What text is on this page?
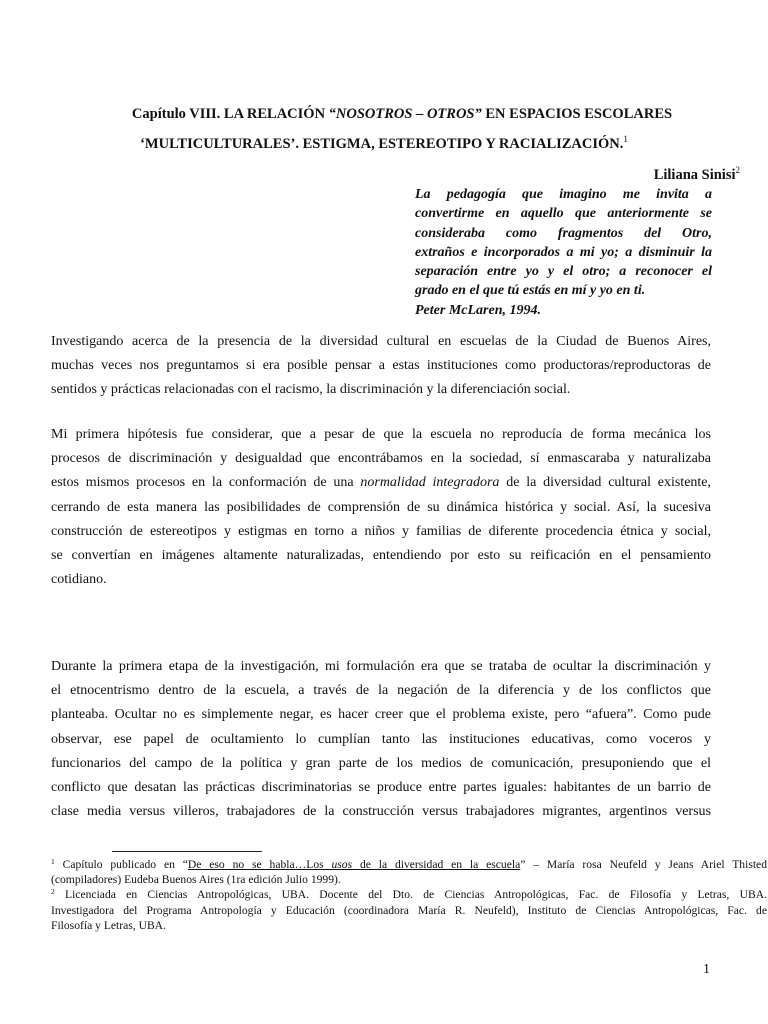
Capítulo VIII. LA RELACIÓN “NOSOTROS – OTROS” EN ESPACIOS ESCOLARES
‘MULTICULTURALES’. ESTIGMA, ESTEREOTIPO Y RACIALIZACIÓN.$^1$
Liliana Sinisi$^2$
La pedagogía que imagino me invita a
convertirme en aquello que anteriormente se
consideraba como fragmentos del Otro,
extraños e incorporados a mi yo; a disminuir la
separación entre yo y el otro; a reconocer el
grado en el que tú estás en mí y yo en ti.
Peter McLaren, 1994.
Investigando acerca de la presencia de la diversidad cultural en escuelas de la Ciudad de Buenos Aires,
muchas veces nos preguntamos si era posible pensar a estas instituciones como productoras/reproductoras de
sentidos y prácticas relacionadas con el racismo, la discriminación y la diferenciación social.
Mi primera hipótesis fue considerar, que a pesar de que la escuela no reproducía de forma mecánica los
procesos de discriminación y desigualdad que encontrábamos en la sociedad, sí enmascaraba y naturalizaba
estos mismos procesos en la conformación de una normalidad integradora de la diversidad cultural existente,
cerrando de esta manera las posibilidades de comprensión de su dinámica histórica y social. Así, la sucesiva
construcción de estereotipos y estigmas en torno a niños y familias de diferente procedencia étnica y social,
se convertían en imágenes altamente naturalizadas, entendiendo por esto su reificación en el pensamiento
cotidiano.
Durante la primera etapa de la investigación, mi formulación era que se trataba de ocultar la discriminación y
el etnocentrismo dentro de la escuela, a través de la negación de la diferencia y de los conflictos que
planteaba. Ocultar no es simplemente negar, es hacer creer que el problema existe, pero “afuera”. Como pude
observar, ese papel de ocultamiento lo cumplían tanto las instituciones educativas, como voceros y
funcionarios del campo de la política y gran parte de los medios de comunicación, presuponiendo que el
conflicto que desatan las prácticas discriminatorias se produce entre partes iguales: habitantes de un barrio de
clase media versus villeros, trabajadores de la construcción versus trabajadores migrantes, argentinos versus
$^1$ Capítulo publicado en “De eso no se habla…Los usos de la diversidad en la escuela” – María rosa Neufeld y Jeans Ariel Thisted
(compiladores) Eudeba Buenos Aires (1ra edición Julio 1999).
$^2$ Licenciada en Ciencias Antropológicas, UBA. Docente del Dto. de Ciencias Antropológicas, Fac. de Filosofía y Letras, UBA.
Investigadora del Programa Antropología y Educación (coordinadora María R. Neufeld), Instituto de Ciencias Antropológicas, Fac. de
Filosofía y Letras, UBA.
1
